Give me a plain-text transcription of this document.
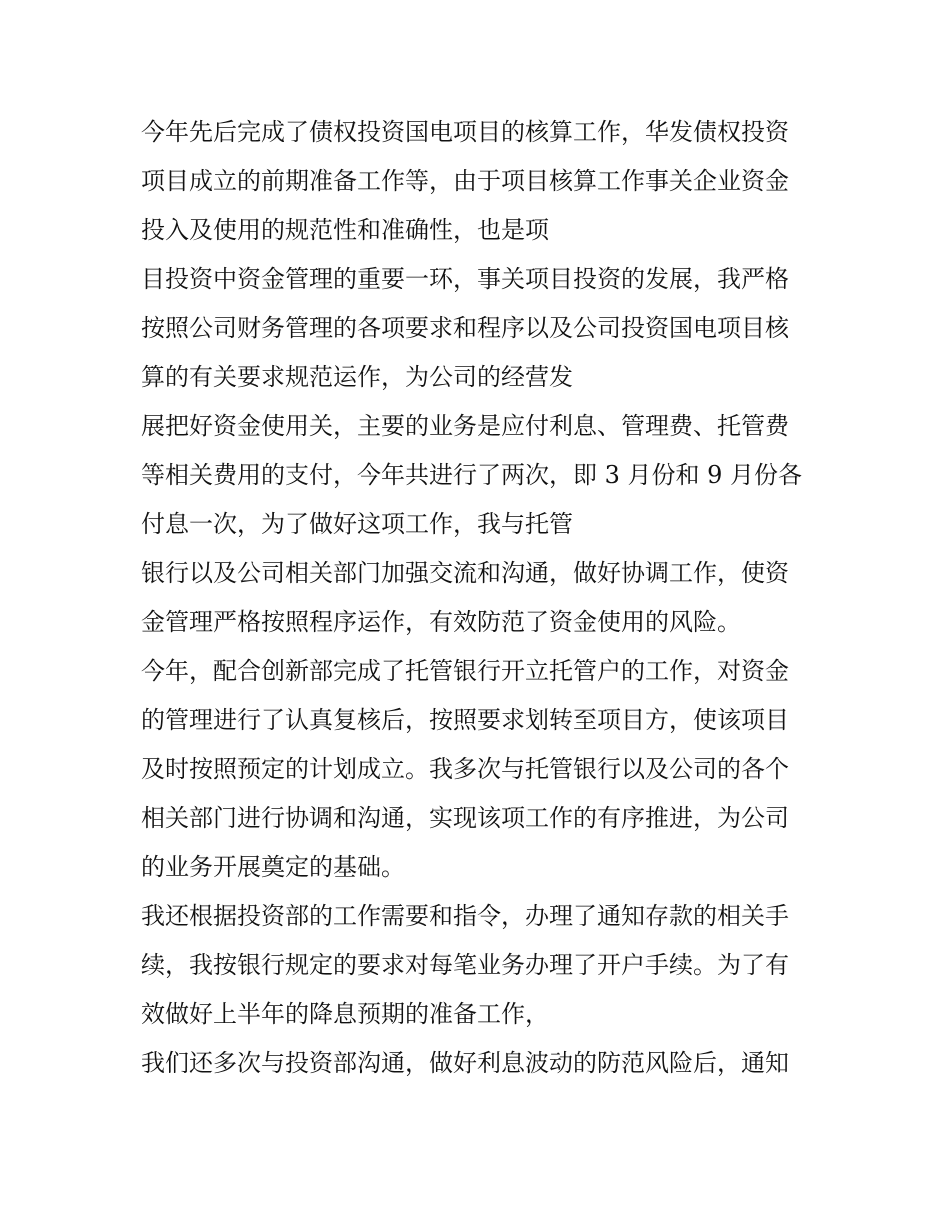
今年先后完成了债权投资国电项目的核算工作，华发债权投资
项目成立的前期准备工作等，由于项目核算工作事关企业资金
投入及使用的规范性和准确性，也是项
目投资中资金管理的重要一环，事关项目投资的发展，我严格
按照公司财务管理的各项要求和程序以及公司投资国电项目核
算的有关要求规范运作，为公司的经营发
展把好资金使用关，主要的业务是应付利息、管理费、托管费
等相关费用的支付，今年共进行了两次，即 3 月份和 9 月份各
付息一次，为了做好这项工作，我与托管
银行以及公司相关部门加强交流和沟通，做好协调工作，使资
金管理严格按照程序运作，有效防范了资金使用的风险。
今年，配合创新部完成了托管银行开立托管户的工作，对资金
的管理进行了认真复核后，按照要求划转至项目方，使该项目
及时按照预定的计划成立。我多次与托管银行以及公司的各个
相关部门进行协调和沟通，实现该项工作的有序推进，为公司
的业务开展奠定的基础。
我还根据投资部的工作需要和指令，办理了通知存款的相关手
续，我按银行规定的要求对每笔业务办理了开户手续。为了有
效做好上半年的降息预期的准备工作，
我们还多次与投资部沟通，做好利息波动的防范风险后，通知
